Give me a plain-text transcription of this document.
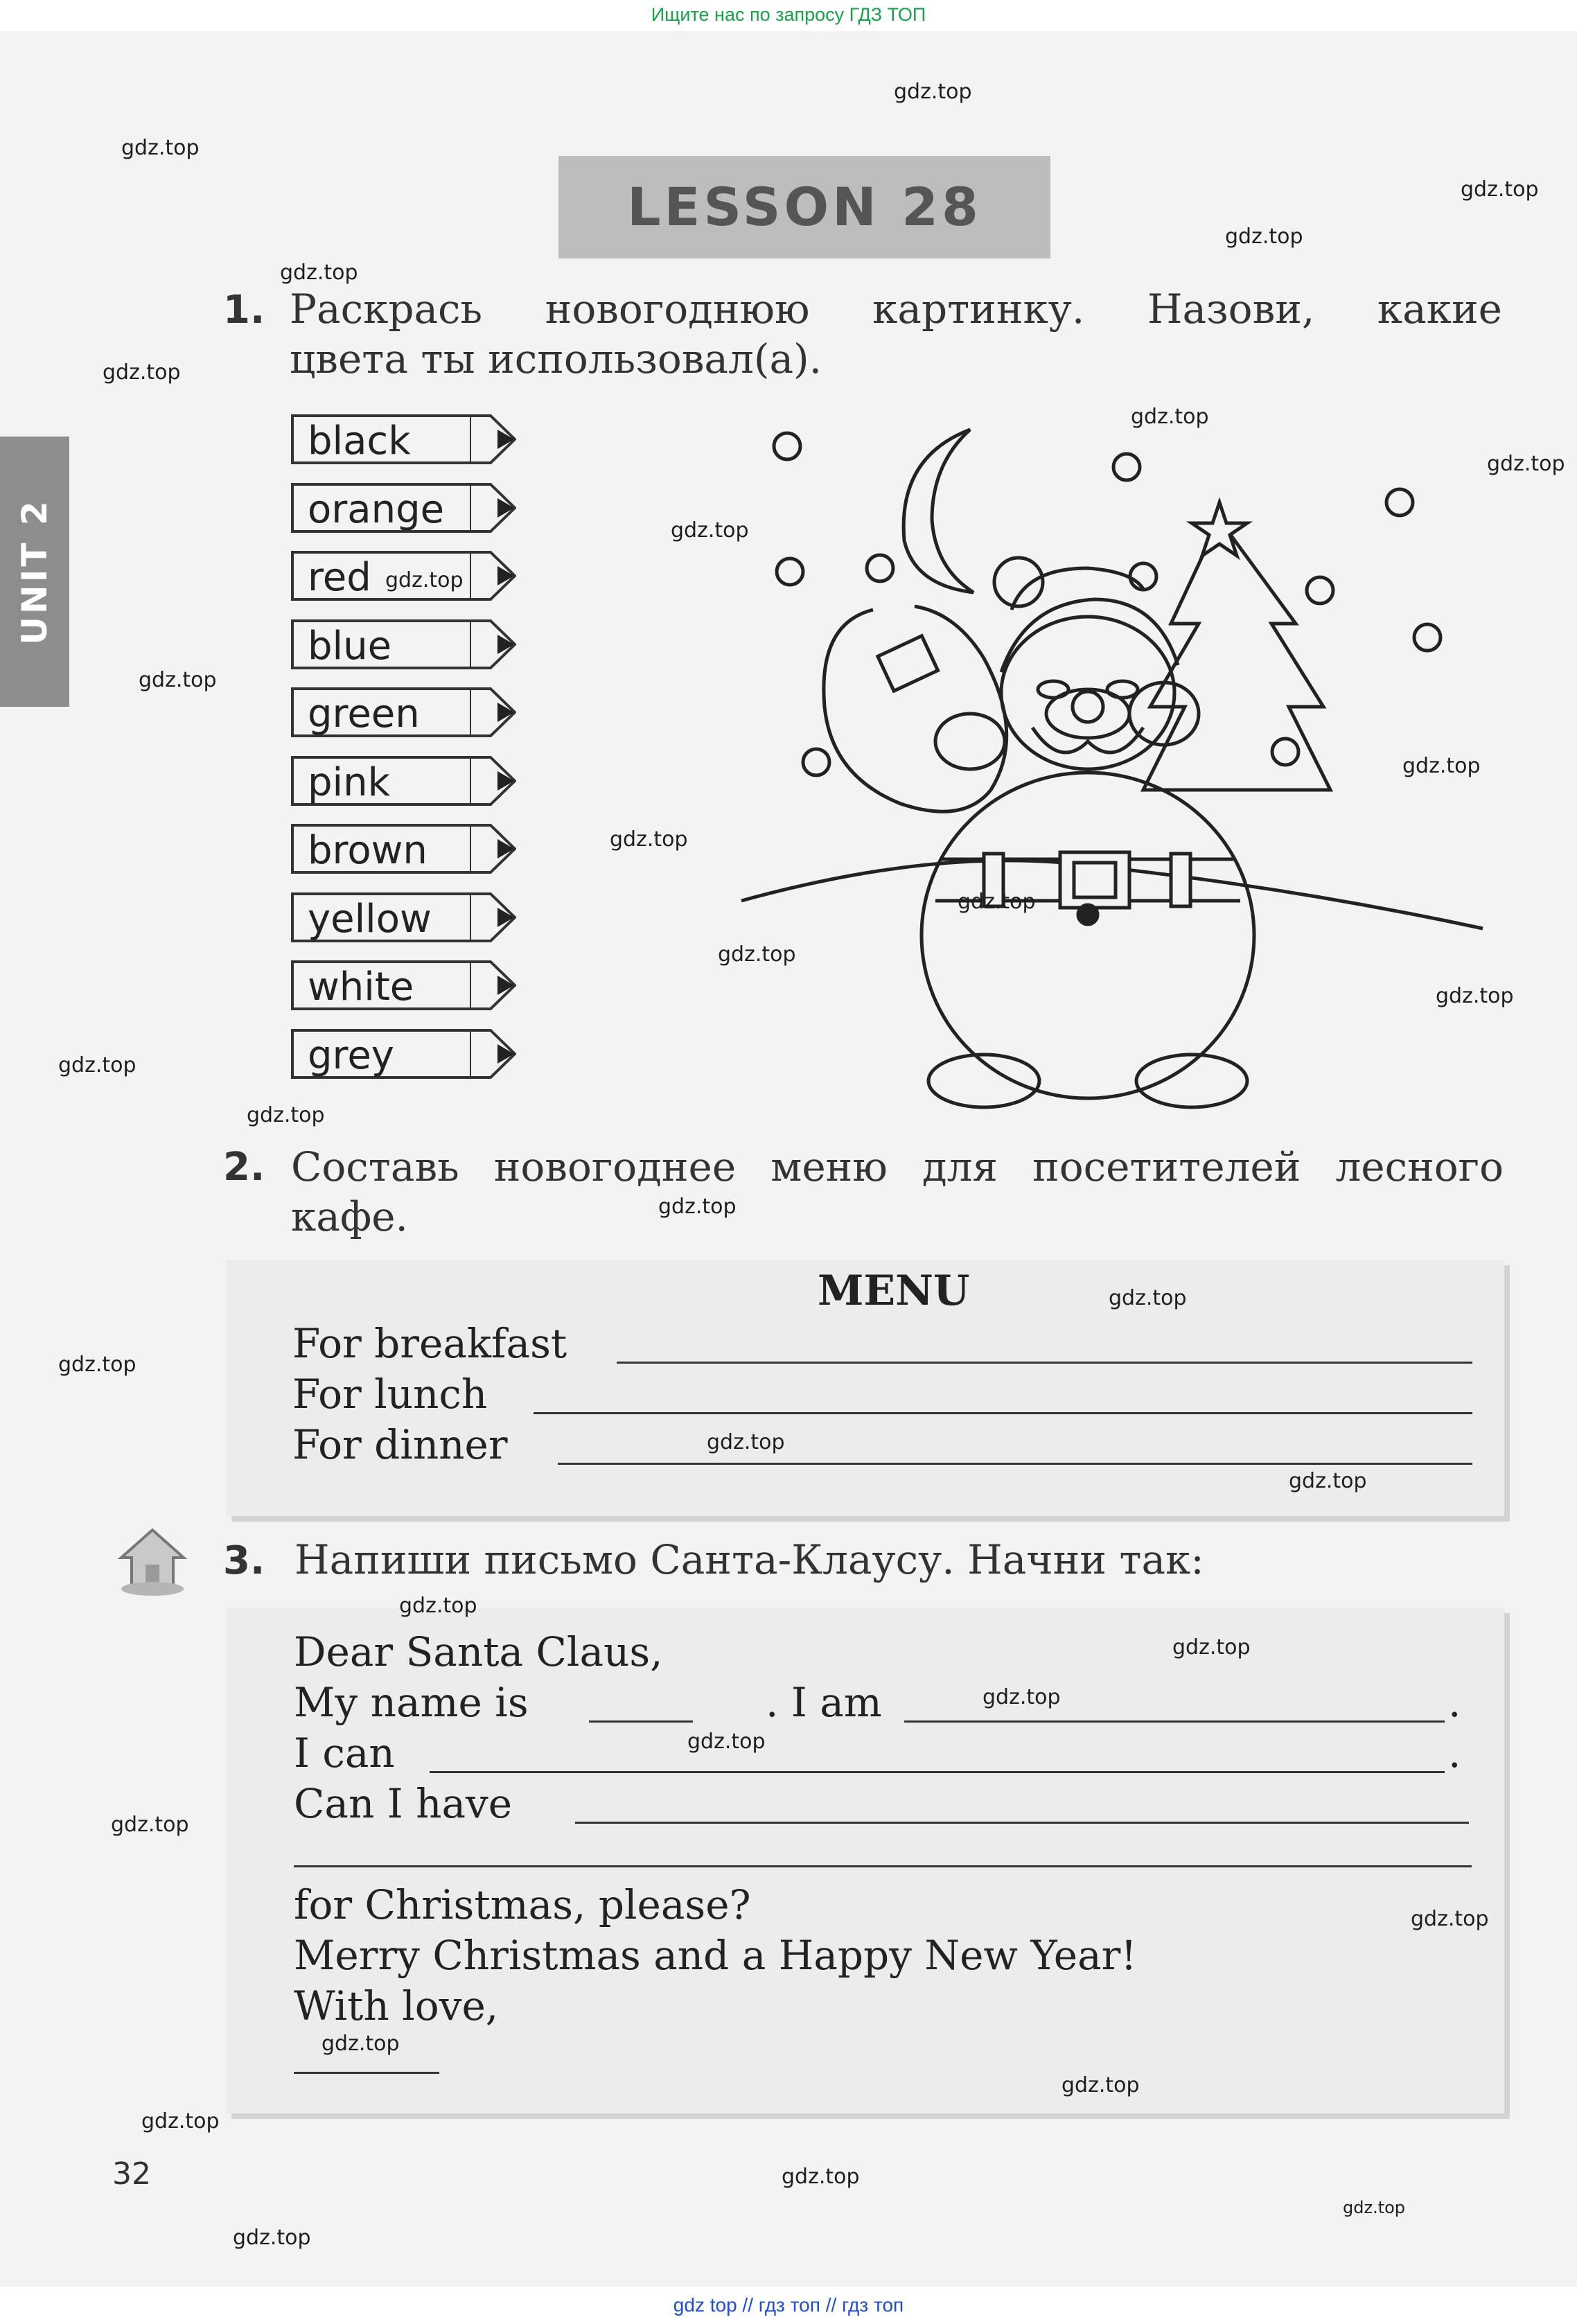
Ищите нас по запросу ГДЗ ТОП
UNIT 2
LESSON 28
1. Раскрась новогоднюю картинку. Назови, какие
цвета ты использовал(а).
black
orange
red
blue
green
pink
brown
yellow
white
grey
2. Составь новогоднее меню для посетителей лесного
кафе.
MENU
For breakfast
For lunch
For dinner
3. Напиши письмо Санта-Клаусу. Начни так:
Dear Santa Claus,
My name is	. I am	.
I can	.
Can I have
for Christmas, please?
Merry Christmas and a Happy New Year!
With love,
32
gdz.top
gdz.top
gdz.top
gdz.top
gdz.top
gdz.top
gdz.top
gdz.top
gdz.top
gdz.top
gdz.top
gdz.top
gdz.top
gdz.top
gdz.top
gdz.top
gdz.top
gdz.top
gdz.top
gdz.top
gdz.top
gdz.top
gdz.top
gdz.top
gdz.top
gdz.top
gdz.top
gdz.top
gdz.top
gdz.top
gdz.top
gdz.top
gdz.top
gdz.top
gdz.top
gdz top // гдз топ // гдз топ
